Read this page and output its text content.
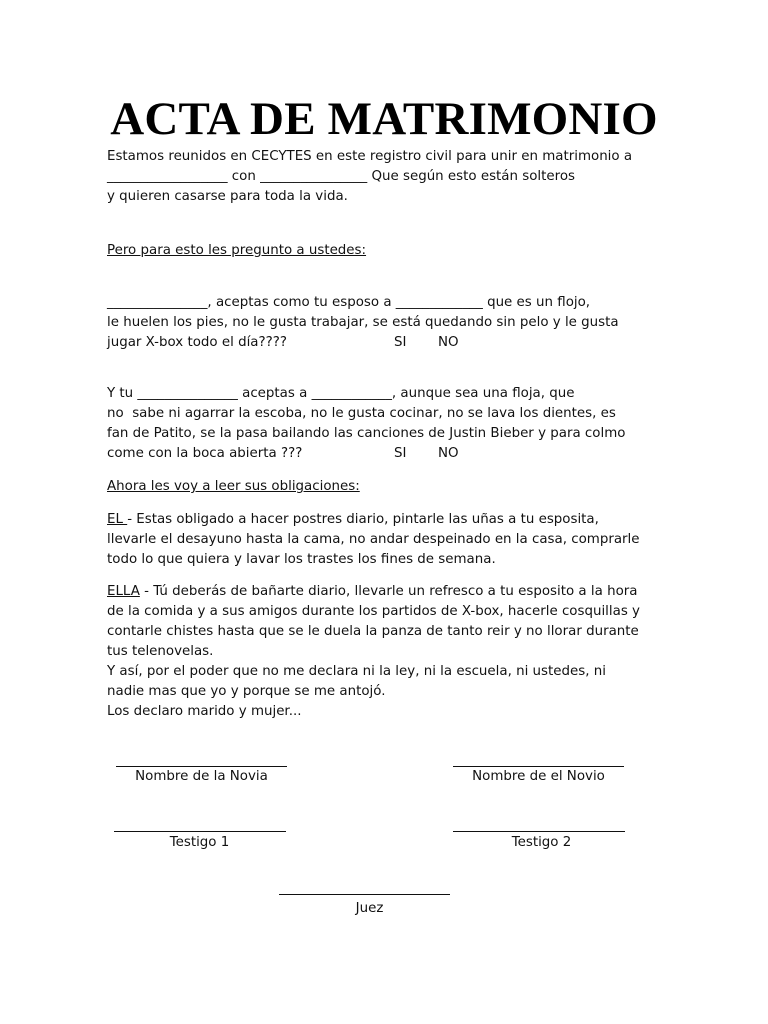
ACTA DE MATRIMONIO
Estamos reunidos en CECYTES en este registro civil para unir en matrimonio a
__________________ con ________________ Que según esto están solteros
y quieren casarse para toda la vida.
Pero para esto les pregunto a ustedes:
_______________, aceptas como tu esposo a _____________ que es un flojo,
le huelen los pies, no le gusta trabajar, se está quedando sin pelo y le gusta
jugar X-box todo el día????	SI NO
Y tu _______________ aceptas a ____________, aunque sea una floja, que
no  sabe ni agarrar la escoba, no le gusta cocinar, no se lava los dientes, es
fan de Patito, se la pasa bailando las canciones de Justin Bieber y para colmo
come con la boca abierta ???	SI NO
Ahora les voy a leer sus obligaciones:
EL - Estas obligado a hacer postres diario, pintarle las uñas a tu esposita,
llevarle el desayuno hasta la cama, no andar despeinado en la casa, comprarle
todo lo que quiera y lavar los trastes los fines de semana.
ELLA - Tú deberás de bañarte diario, llevarle un refresco a tu esposito a la hora
de la comida y a sus amigos durante los partidos de X-box, hacerle cosquillas y
contarle chistes hasta que se le duela la panza de tanto reir y no llorar durante
tus telenovelas.
Y así, por el poder que no me declara ni la ley, ni la escuela, ni ustedes, ni
nadie mas que yo y porque se me antojó.
Los declaro marido y mujer...
Nombre de la Novia	Nombre de el Novio
Testigo 1	Testigo 2
Juez
